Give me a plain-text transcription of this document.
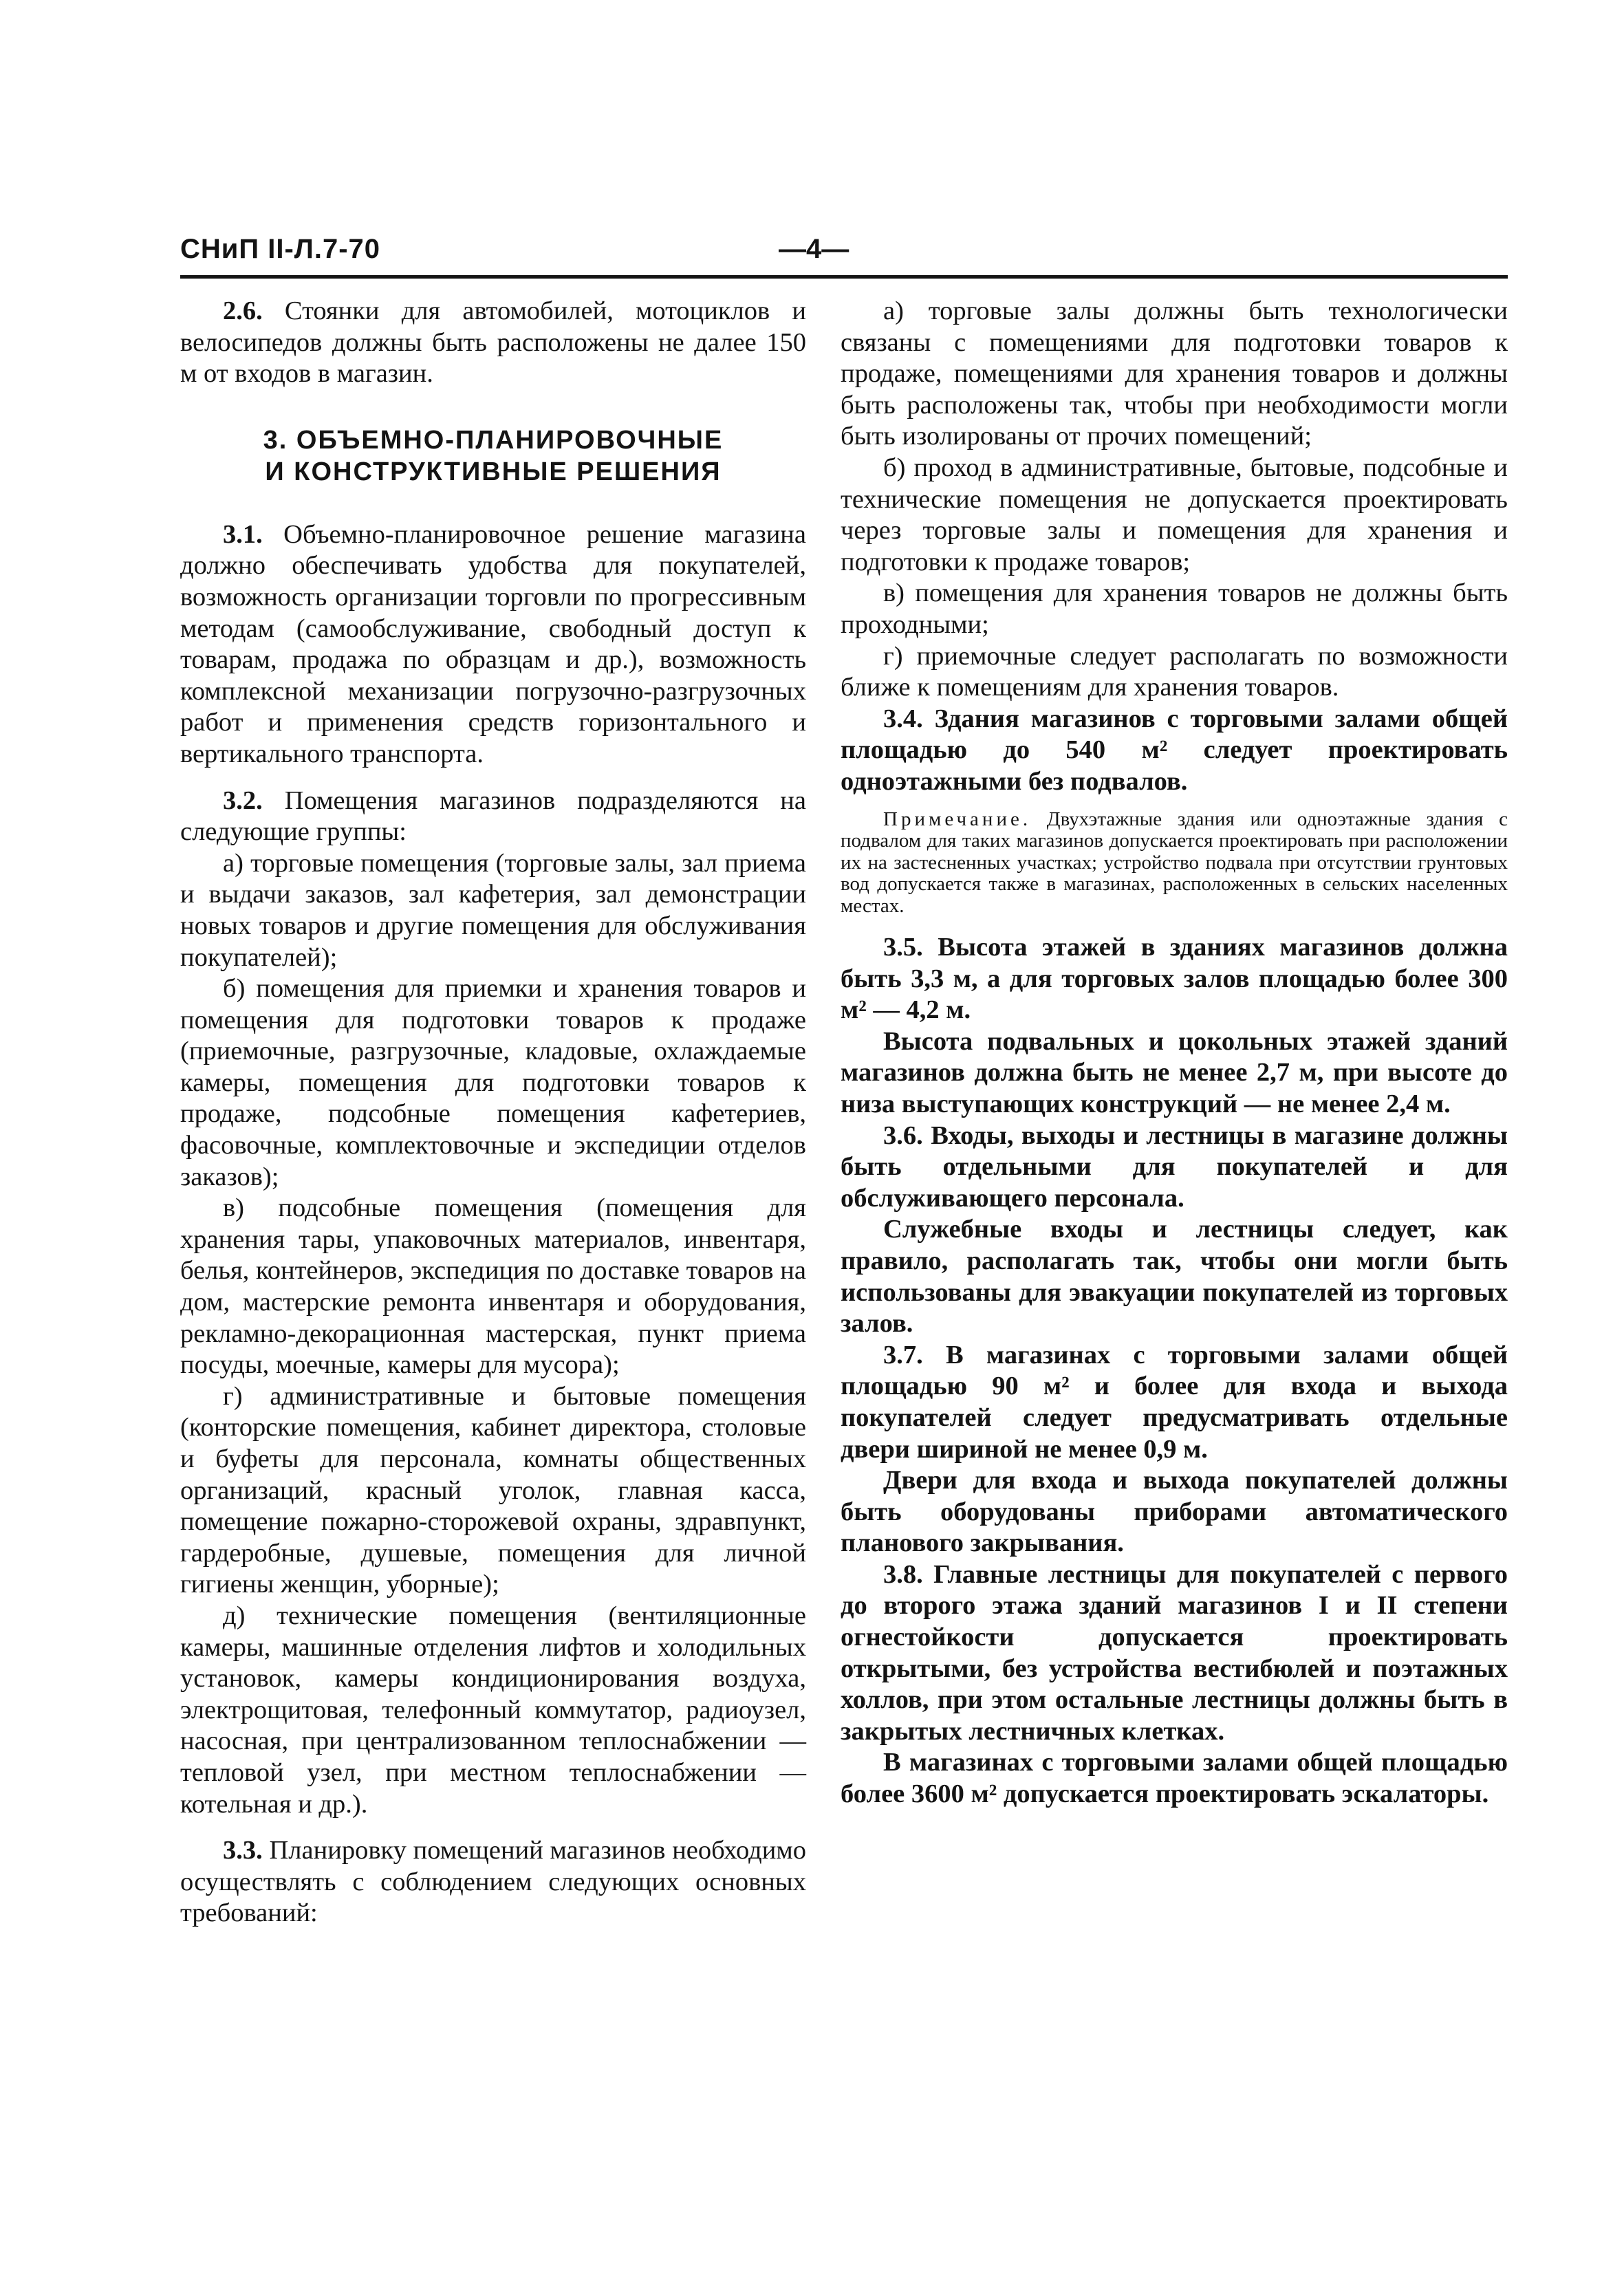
СНиП II-Л.7-70	—4—

2.6. Стоянки для автомобилей, мотоциклов и велосипедов должны быть расположены не далее 150 м от входов в магазин.

3. ОБЪЕМНО-ПЛАНИРОВОЧНЫЕ
И КОНСТРУКТИВНЫЕ РЕШЕНИЯ

3.1. Объемно-планировочное решение магазина должно обеспечивать удобства для покупателей, возможность организации торговли по прогрессивным методам (самообслуживание, свободный доступ к товарам, продажа по образцам и др.), возможность комплексной механизации погрузочно-разгрузочных работ и применения средств горизонтального и вертикального транспорта.

3.2. Помещения магазинов подразделяются на следующие группы:

а) торговые помещения (торговые залы, зал приема и выдачи заказов, зал кафетерия, зал демонстрации новых товаров и другие помещения для обслуживания покупателей);

б) помещения для приемки и хранения товаров и помещения для подготовки товаров к продаже (приемочные, разгрузочные, кладовые, охлаждаемые камеры, помещения для подготовки товаров к продаже, подсобные помещения кафетериев, фасовочные, комплектовочные и экспедиции отделов заказов);

в) подсобные помещения (помещения для хранения тары, упаковочных материалов, инвентаря, белья, контейнеров, экспедиция по доставке товаров на дом, мастерские ремонта инвентаря и оборудования, рекламно-декорационная мастерская, пункт приема посуды, моечные, камеры для мусора);

г) административные и бытовые помещения (конторские помещения, кабинет директора, столовые и буфеты для персонала, комнаты общественных организаций, красный уголок, главная касса, помещение пожарно-сторожевой охраны, здравпункт, гардеробные, душевые, помещения для личной гигиены женщин, уборные);

д) технические помещения (вентиляционные камеры, машинные отделения лифтов и холодильных установок, камеры кондиционирования воздуха, электрощитовая, телефонный коммутатор, радиоузел, насосная, при централизованном теплоснабжении — тепловой узел, при местном теплоснабжении — котельная и др.).

3.3. Планировку помещений магазинов необходимо осуществлять с соблюдением следующих основных требований:

а) торговые залы должны быть технологически связаны с помещениями для подготовки товаров к продаже, помещениями для хранения товаров и должны быть расположены так, чтобы при необходимости могли быть изолированы от прочих помещений;

б) проход в административные, бытовые, подсобные и технические помещения не допускается проектировать через торговые залы и помещения для хранения и подготовки к продаже товаров;

в) помещения для хранения товаров не должны быть проходными;

г) приемочные следует располагать по возможности ближе к помещениям для хранения товаров.

3.4. Здания магазинов с торговыми залами общей площадью до 540 м² следует проектировать одноэтажными без подвалов.

Примечание. Двухэтажные здания или одноэтажные здания с подвалом для таких магазинов допускается проектировать при расположении их на застесненных участках; устройство подвала при отсутствии грунтовых вод допускается также в магазинах, расположенных в сельских населенных местах.

3.5. Высота этажей в зданиях магазинов должна быть 3,3 м, а для торговых залов площадью более 300 м² — 4,2 м.

Высота подвальных и цокольных этажей зданий магазинов должна быть не менее 2,7 м, при высоте до низа выступающих конструкций — не менее 2,4 м.

3.6. Входы, выходы и лестницы в магазине должны быть отдельными для покупателей и для обслуживающего персонала.

Служебные входы и лестницы следует, как правило, располагать так, чтобы они могли быть использованы для эвакуации покупателей из торговых залов.

3.7. В магазинах с торговыми залами общей площадью 90 м² и более для входа и выхода покупателей следует предусматривать отдельные двери шириной не менее 0,9 м.

Двери для входа и выхода покупателей должны быть оборудованы приборами автоматического планового закрывания.

3.8. Главные лестницы для покупателей с первого до второго этажа зданий магазинов I и II степени огнестойкости допускается проектировать открытыми, без устройства вестибюлей и поэтажных холлов, при этом остальные лестницы должны быть в закрытых лестничных клетках.

В магазинах с торговыми залами общей площадью более 3600 м² допускается проектировать эскалаторы.
